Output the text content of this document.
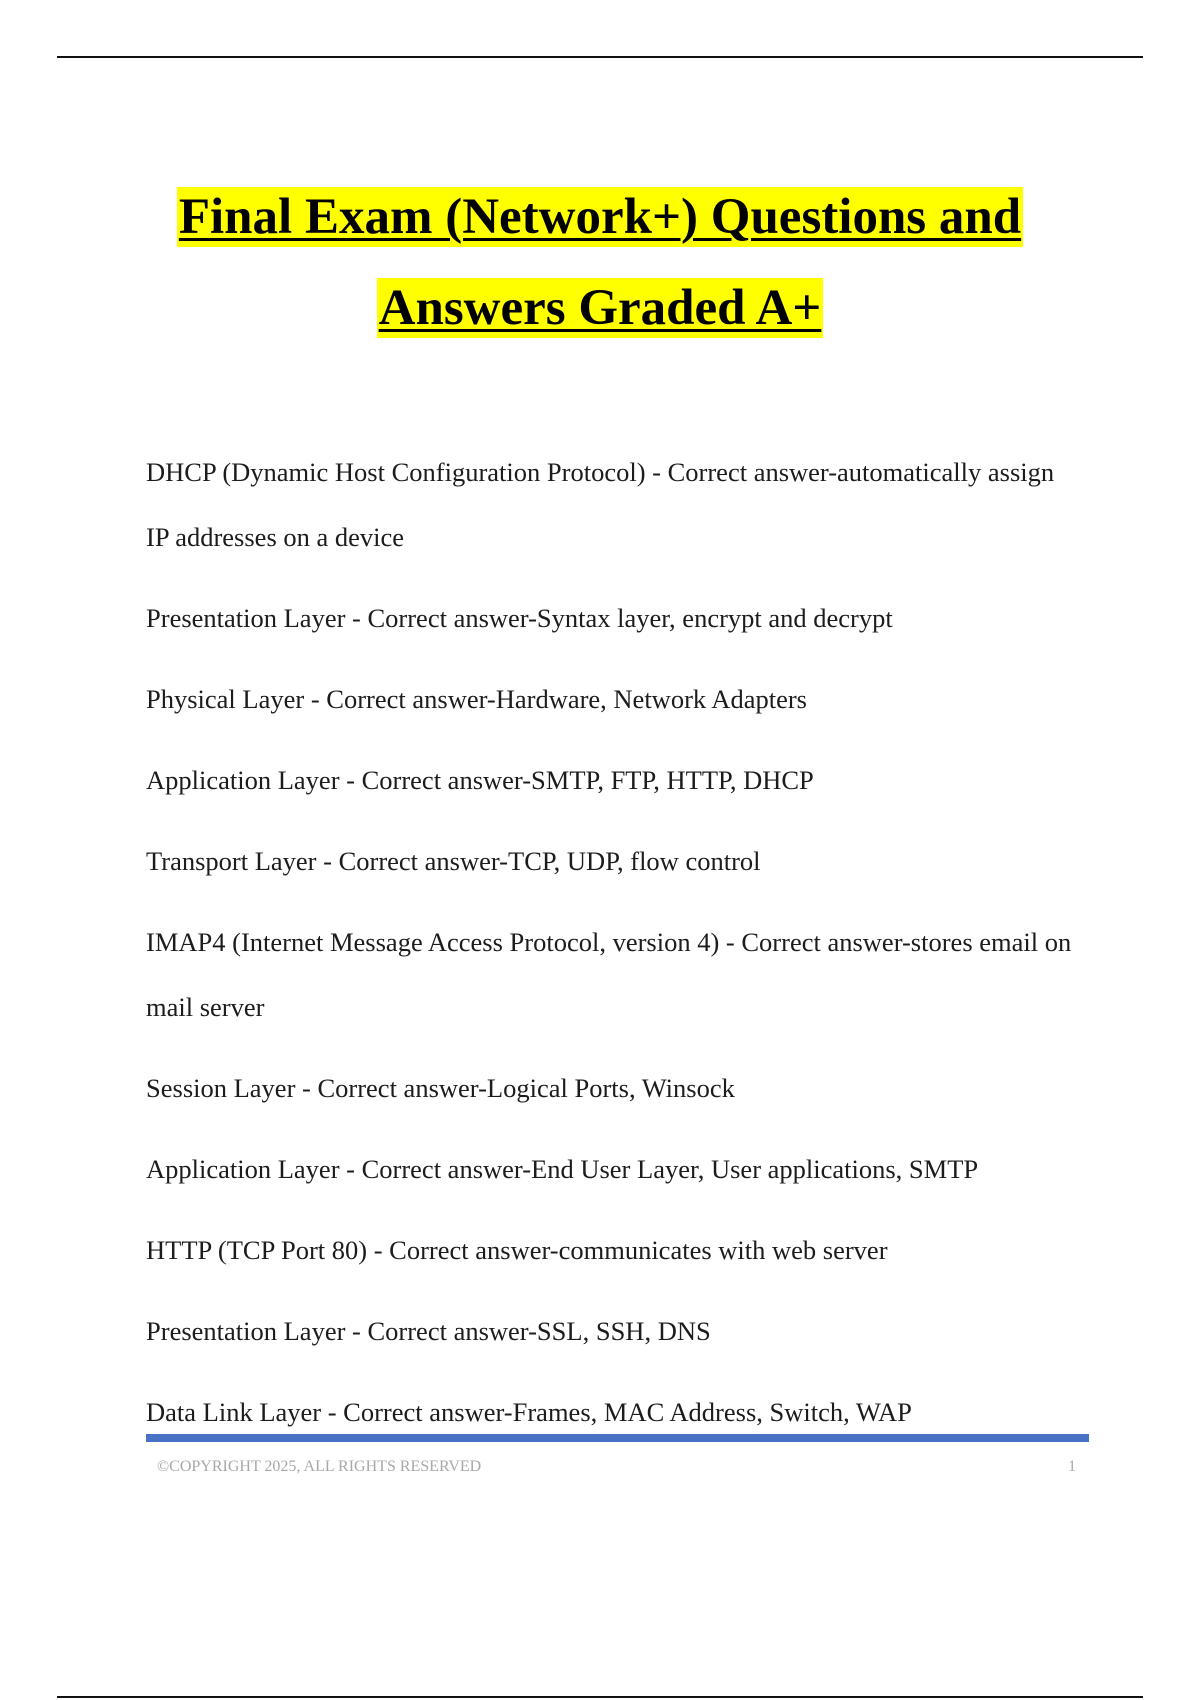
Final Exam (Network+) Questions and
Answers Graded A+
DHCP (Dynamic Host Configuration Protocol) - Correct answer-automatically assign IP addresses on a device
Presentation Layer - Correct answer-Syntax layer, encrypt and decrypt
Physical Layer - Correct answer-Hardware, Network Adapters
Application Layer - Correct answer-SMTP, FTP, HTTP, DHCP
Transport Layer - Correct answer-TCP, UDP, flow control
IMAP4 (Internet Message Access Protocol, version 4) - Correct answer-stores email on mail server
Session Layer - Correct answer-Logical Ports, Winsock
Application Layer - Correct answer-End User Layer, User applications, SMTP
HTTP (TCP Port 80) - Correct answer-communicates with web server
Presentation Layer - Correct answer-SSL, SSH, DNS
Data Link Layer - Correct answer-Frames, MAC Address, Switch, WAP
©COPYRIGHT 2025, ALL RIGHTS RESERVED	1
